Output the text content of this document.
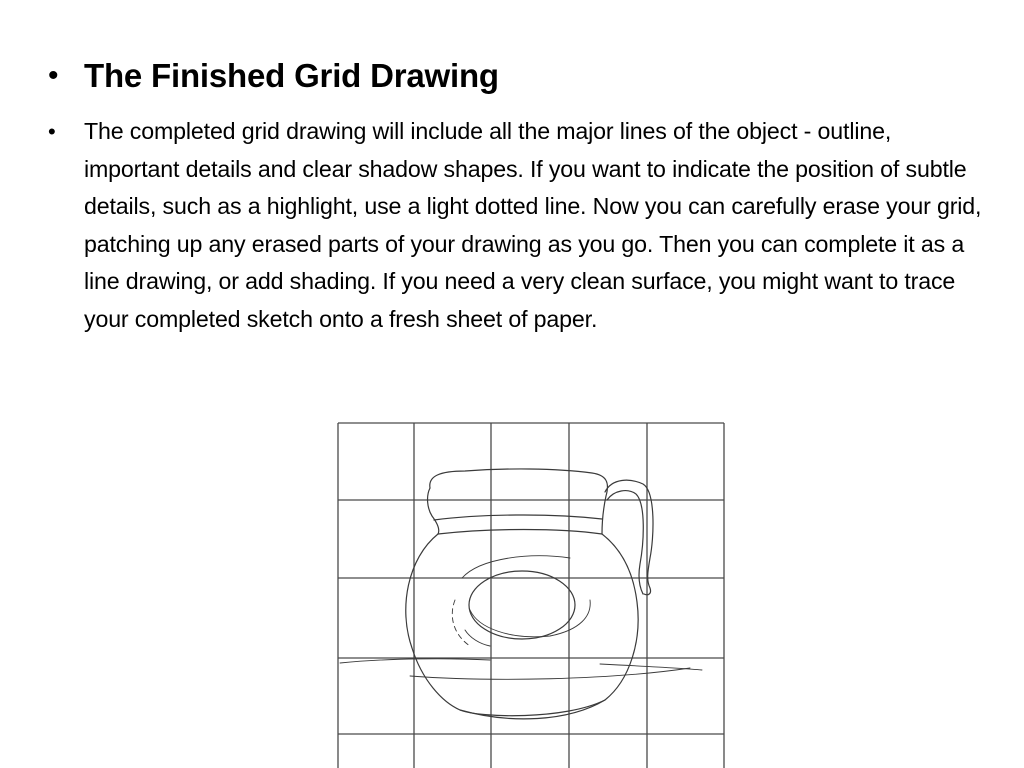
• The Finished Grid Drawing
•	The completed grid drawing will include all the major lines of the object - outline, important details and clear shadow shapes. If you want to indicate the position of subtle details, such as a highlight, use a light dotted line. Now you can carefully erase your grid, patching up any erased parts of your drawing as you go. Then you can complete it as a line drawing, or add shading. If you need a very clean surface, you might want to trace your completed sketch onto a fresh sheet of paper.
